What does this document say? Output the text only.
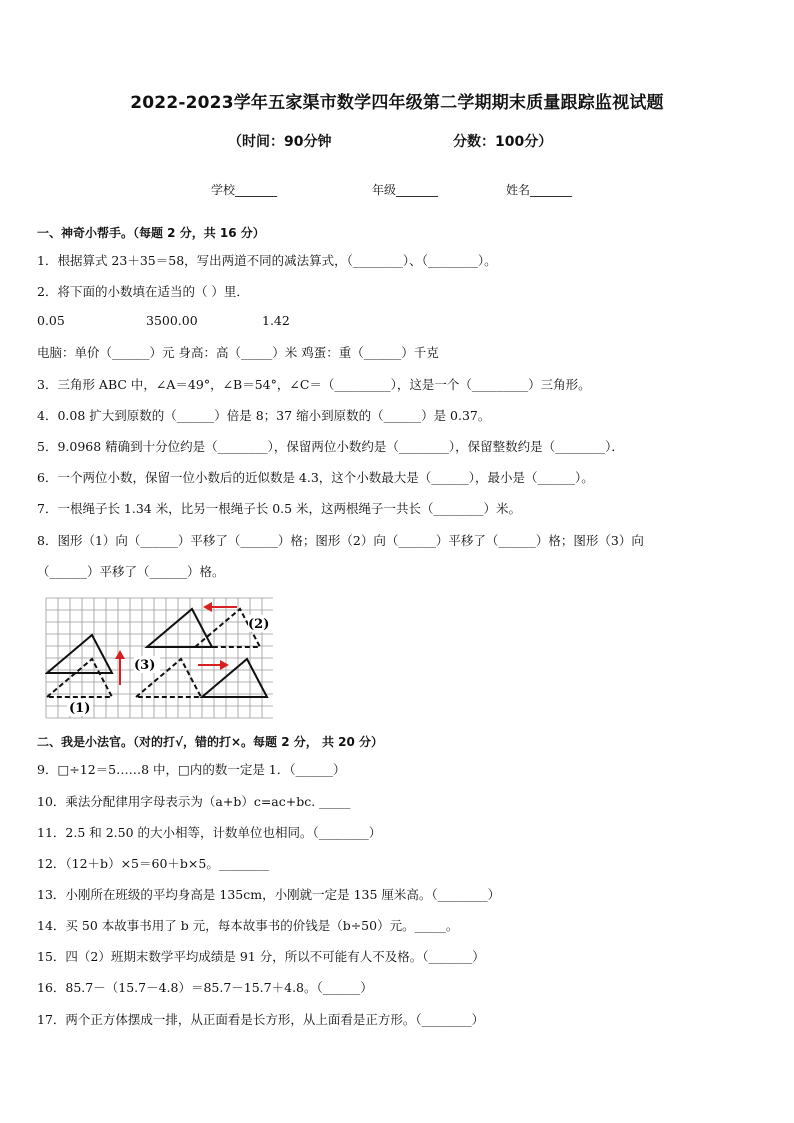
2022-2023学年五家渠市数学四年级第二学期期末质量跟踪监视试题
（时间：90分钟	分数：100分）
学校_______	年级_______	姓名_______
一、神奇小帮手。（每题 2 分，共 16 分）
1．根据算式 23＋35＝58，写出两道不同的减法算式，（________）、（________）。
2．将下面的小数填在适当的（ ）里．
0.05	3500.00	1.42
电脑：单价（______）元 身高：高（_____）米 鸡蛋：重（______）千克
3．三角形 ABC 中，∠A＝49°，∠B＝54°，∠C＝（_________），这是一个（_________）三角形。
4．0.08 扩大到原数的（______）倍是 8；37 缩小到原数的（______）是 0.37。
5．9.0968 精确到十分位约是（________），保留两位小数约是（________），保留整数约是（________）．
6．一个两位小数，保留一位小数后的近似数是 4.3，这个小数最大是（______），最小是（______）。
7．一根绳子长 1.34 米，比另一根绳子长 0.5 米，这两根绳子一共长（________）米。
8．图形（1）向（______）平移了（______）格；图形（2）向（______）平移了（______）格；图形（3）向
（______）平移了（______）格。
(1)
(2)
(3)
二、我是小法官。（对的打√，错的打×。每题 2 分， 共 20 分）
9．□÷12＝5……8 中，□内的数一定是 1．（______）
10．乘法分配律用字母表示为（a+b）c=ac+bc. _____
11．2.5 和 2.50 的大小相等，计数单位也相同。（________）
12．（12＋b）×5＝60＋b×5。________
13．小刚所在班级的平均身高是 135cm，小刚就一定是 135 厘米高。（________）
14．买 50 本故事书用了 b 元，每本故事书的价钱是（b÷50）元。_____。
15．四（2）班期末数学平均成绩是 91 分，所以不可能有人不及格。（_______）
16．85.7－（15.7－4.8）＝85.7－15.7＋4.8。（______）
17．两个正方体摆成一排，从正面看是长方形，从上面看是正方形。（________）
